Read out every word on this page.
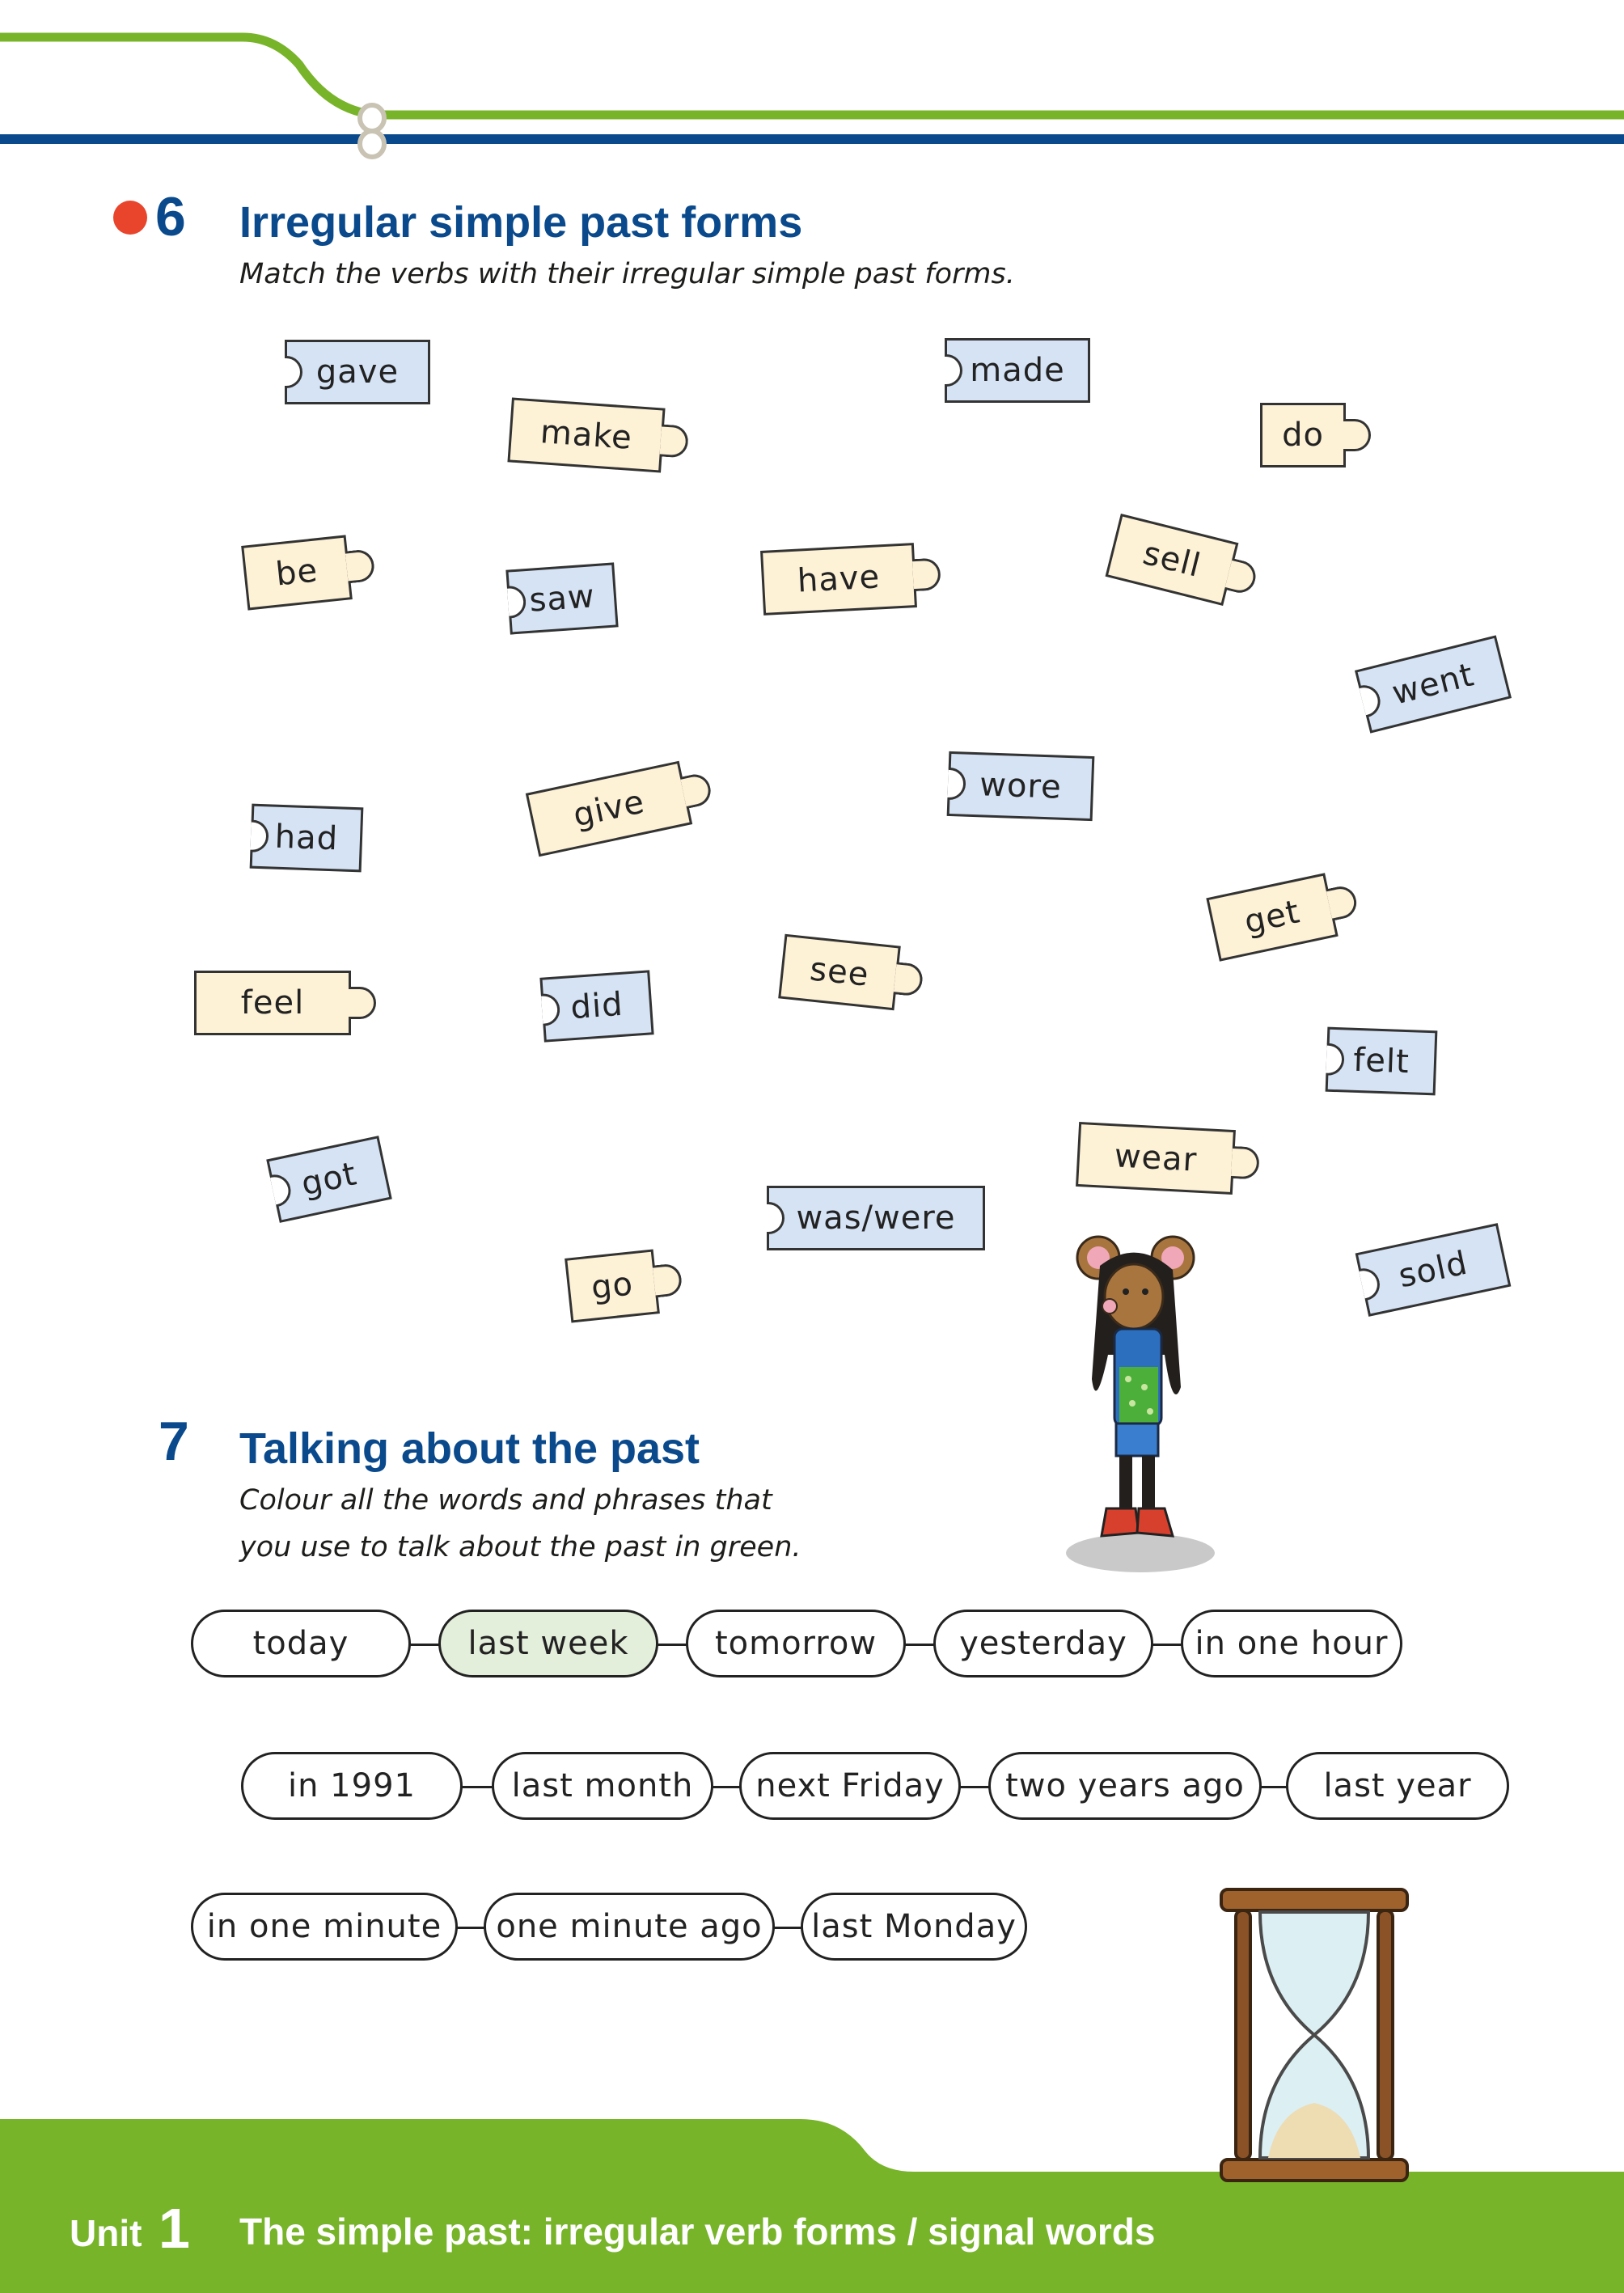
6 Irregular simple past forms
Match the verbs with their irregular simple past forms.
gave	made
make	do
be
saw	have	sell
went
had
give	wore
get
feel	did
see
felt
wear
got
was/were
go	sold
7 Talking about the past
Colour all the words and phrases that
you use to talk about the past in green.
today	last week	tomorrow	yesterday	in one hour
in 1991	last month	next Friday	two years ago	last year
in one minute	one minute ago	last Monday
Unit 1 The simple past: irregular verb forms / signal words
